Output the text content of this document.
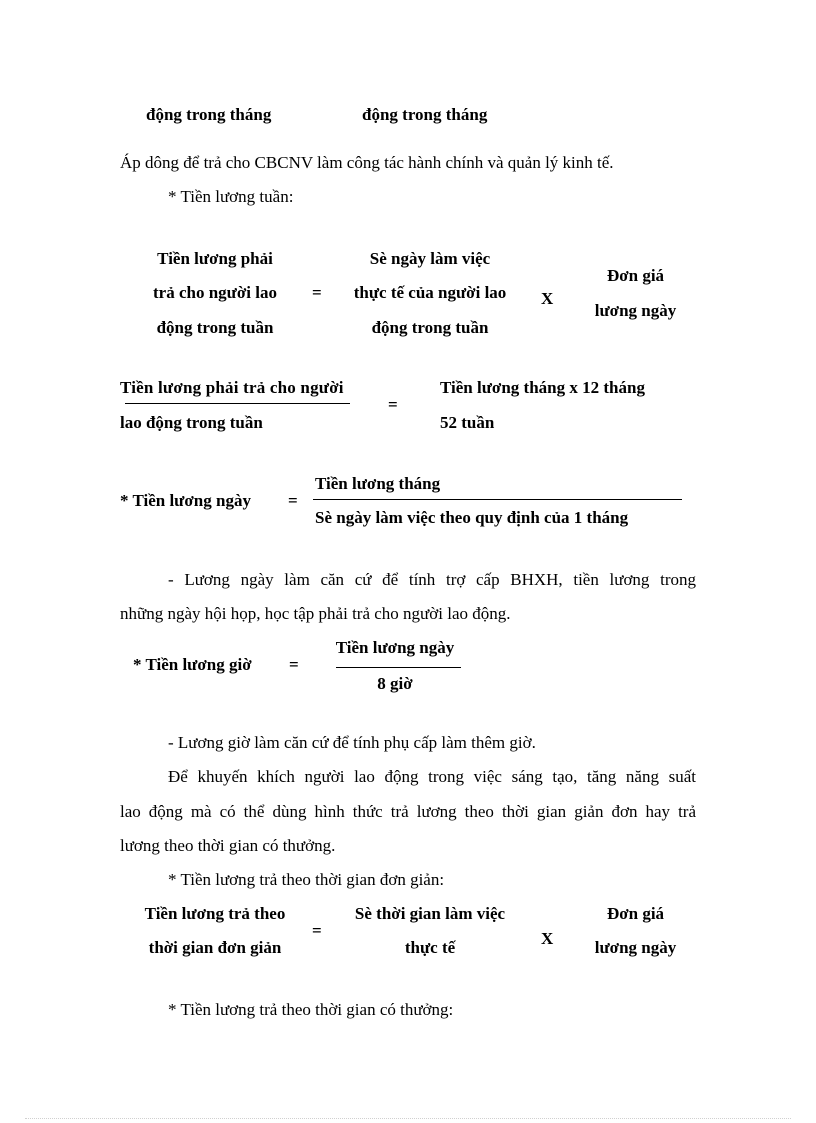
động trong tháng	động trong tháng
Áp dông để trả cho CBCNV làm công tác hành chính và quản lý kinh tế.
* Tiền lương tuần:
Tiền lương phải
trả cho người lao
động trong tuần
=
Sè ngày làm việc
thực tế của người lao
động trong tuần
X
Đơn giá
lương ngày
Tiền lương phải trả cho người
lao động trong tuần
=
Tiền lương tháng x 12 tháng
52 tuần
* Tiền lương ngày =
Tiền lương tháng
Sè ngày làm việc theo quy định của 1 tháng
- Lương ngày làm căn cứ để tính trợ cấp BHXH, tiền lương trong
những ngày hội họp, học tập phải trả cho người lao động.
* Tiền lương giờ =
Tiền lương ngày
8 giờ
- Lương giờ làm căn cứ để tính phụ cấp làm thêm giờ.
Để khuyến khích người lao động trong việc sáng tạo, tăng năng suất
lao động mà có thể dùng hình thức trả lương theo thời gian giản đơn hay trả
lương theo thời gian có thưởng.
* Tiền lương trả theo thời gian đơn giản:
Tiền lương trả theo
thời gian đơn giản
=
Sè thời gian làm việc
thực tế	X
Đơn giá
lương ngày
* Tiền lương trả theo thời gian có thưởng:
